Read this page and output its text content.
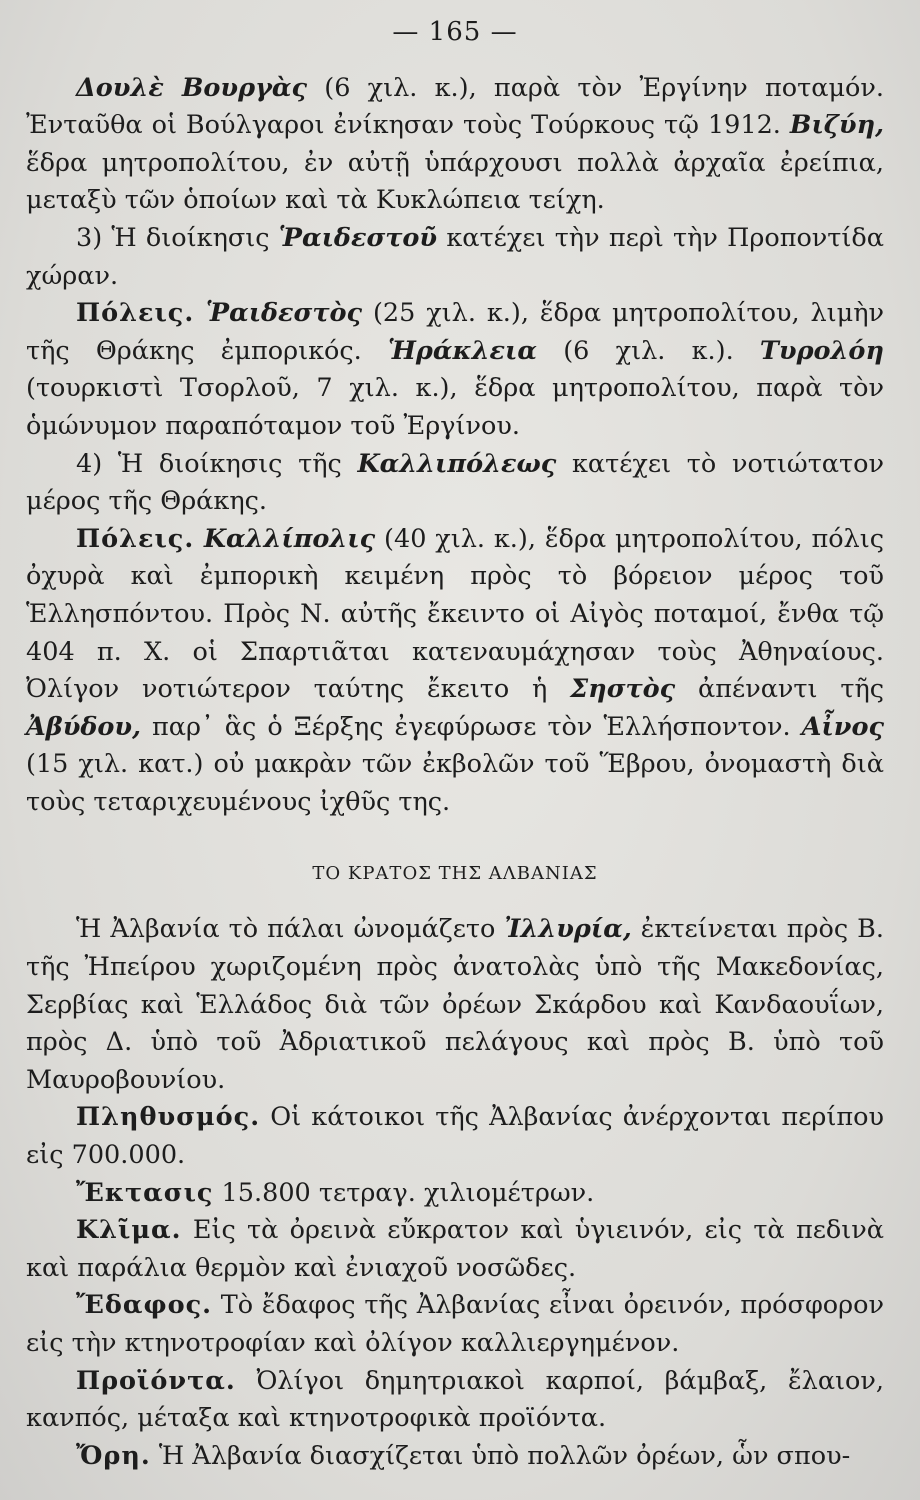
— 165 —

Δουλὲ Βουργὰς (6 χιλ. κ.), παρὰ τὸν Ἐργίνην ποταμόν. Ἐνταῦθα οἱ Βούλγαροι ἐνίκησαν τοὺς Τούρκους τῷ 1912. Βιζύη, ἕδρα μητροπολίτου, ἐν αὐτῇ ὑπάρχουσι πολλὰ ἀρχαῖα ἐρείπια, μεταξὺ τῶν ὁποίων καὶ τὰ Κυκλώπεια τείχη.

3) Ἡ διοίκησις Ῥαιδεστοῦ κατέχει τὴν περὶ τὴν Προποντίδα χώραν.

Πόλεις. Ῥαιδεστὸς (25 χιλ. κ.), ἕδρα μητροπολίτου, λιμὴν τῆς Θράκης ἐμπορικός. Ἡράκλεια (6 χιλ. κ.). Τυρολόη (τουρκιστὶ Τσορλοῦ, 7 χιλ. κ.), ἕδρα μητροπολίτου, παρὰ τὸν ὁμώνυμον παραπόταμον τοῦ Ἐργίνου.

4) Ἡ διοίκησις τῆς Καλλιπόλεως κατέχει τὸ νοτιώτατον μέρος τῆς Θράκης.

Πόλεις. Καλλίπολις (40 χιλ. κ.), ἕδρα μητροπολίτου, πόλις ὀχυρὰ καὶ ἐμπορικὴ κειμένη πρὸς τὸ βόρειον μέρος τοῦ Ἑλλησπόντου. Πρὸς Ν. αὐτῆς ἔκειντο οἱ Αἰγὸς ποταμοί, ἔνθα τῷ 404 π. Χ. οἱ Σπαρτιᾶται κατεναυμάχησαν τοὺς Ἀθηναίους. Ὀλίγον νοτιώτερον ταύτης ἔκειτο ἡ Σηστὸς ἀπέναντι τῆς Ἀβύδου, παρ᾿ ἃς ὁ Ξέρξης ἐγεφύρωσε τὸν Ἑλλήσποντον. Αἶνος (15 χιλ. κατ.) οὐ μακρὰν τῶν ἐκβολῶν τοῦ Ἕβρου, ὀνομαστὴ διὰ τοὺς τεταριχευμένους ἰχθῦς της.

ΤΟ ΚΡΑΤΟΣ ΤΗΣ ΑΛΒΑΝΙΑΣ

Ἡ Ἀλβανία τὸ πάλαι ὠνομάζετο Ἰλλυρία, ἐκτείνεται πρὸς Β. τῆς Ἠπείρου χωριζομένη πρὸς ἀνατολὰς ὑπὸ τῆς Μακεδονίας, Σερβίας καὶ Ἑλλάδος διὰ τῶν ὀρέων Σκάρδου καὶ Κανδαουΐων, πρὸς Δ. ὑπὸ τοῦ Ἀδριατικοῦ πελάγους καὶ πρὸς Β. ὑπὸ τοῦ Μαυροβουνίου.

Πληθυσμός. Οἱ κάτοικοι τῆς Ἀλβανίας ἀνέρχονται περίπου εἰς 700.000.

Ἔκτασις 15.800 τετραγ. χιλιομέτρων.

Κλῖμα. Εἰς τὰ ὀρεινὰ εὔκρατον καὶ ὑγιεινόν, εἰς τὰ πεδινὰ καὶ παράλια θερμὸν καὶ ἐνιαχοῦ νοσῶδες.

Ἔδαφος. Τὸ ἔδαφος τῆς Ἀλβανίας εἶναι ὀρεινόν, πρόσφορον εἰς τὴν κτηνοτροφίαν καὶ ὀλίγον καλλιεργημένον.

Προϊόντα. Ὀλίγοι δημητριακοὶ καρποί, βάμβαξ, ἔλαιον, κανπός, μέταξα καὶ κτηνοτροφικὰ προϊόντα.

Ὄρη. Ἡ Ἀλβανία διασχίζεται ὑπὸ πολλῶν ὀρέων, ὧν σπου-
